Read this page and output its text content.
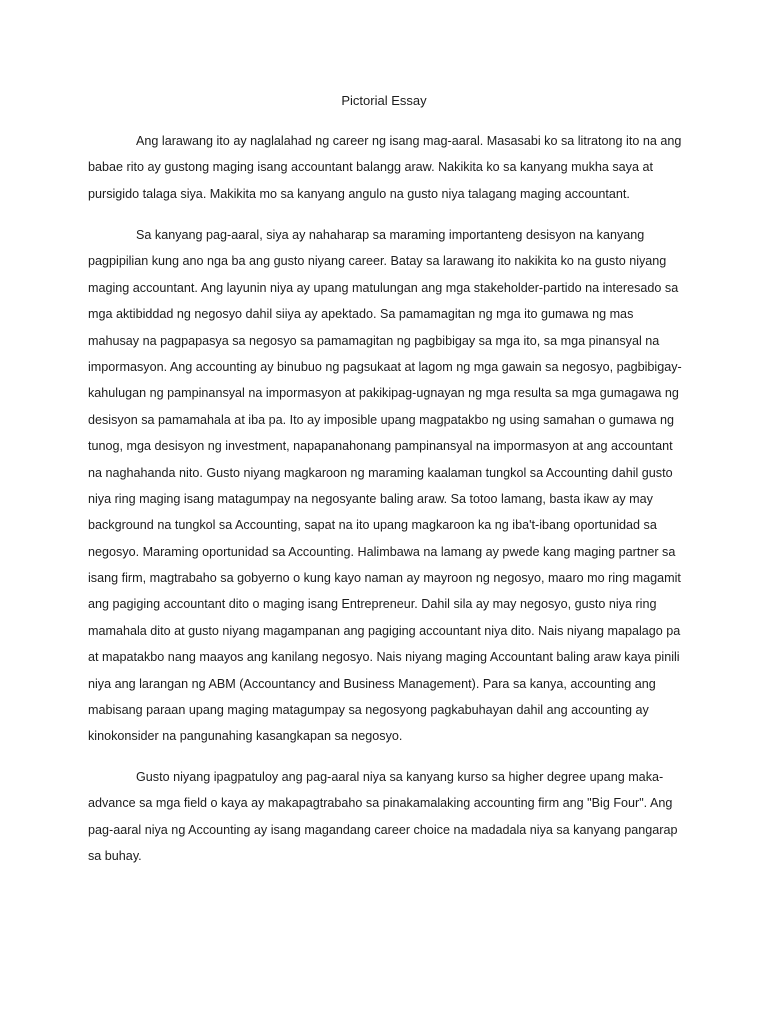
Pictorial Essay
Ang larawang ito ay naglalahad ng career ng isang mag-aaral. Masasabi ko sa litratong ito na ang
babae rito ay gustong maging isang accountant balangg araw. Nakikita ko sa kanyang mukha saya at
pursigido talaga siya. Makikita mo sa kanyang angulo na gusto niya talagang maging accountant.
Sa kanyang pag-aaral, siya ay nahaharap sa maraming importanteng desisyon na kanyang
pagpipilian kung ano nga ba ang gusto niyang career. Batay sa larawang ito nakikita ko na gusto niyang
maging accountant. Ang layunin niya ay upang matulungan ang mga stakeholder-partido na interesado sa
mga aktibiddad ng negosyo dahil siiya ay apektado. Sa pamamagitan ng mga ito gumawa ng mas
mahusay na pagpapasya sa negosyo sa pamamagitan ng pagbibigay sa mga ito, sa mga pinansyal na
impormasyon. Ang accounting ay binubuo ng pagsukaat at lagom ng mga gawain sa negosyo, pagbibigay-
kahulugan ng pampinansyal na impormasyon at pakikipag-ugnayan ng mga resulta sa mga gumagawa ng
desisyon sa pamamahala at iba pa. Ito ay imposible upang magpatakbo ng using samahan o gumawa ng
tunog, mga desisyon ng investment, napapanahonang pampinansyal na impormasyon at ang accountant
na naghahanda nito. Gusto niyang magkaroon ng maraming kaalaman tungkol sa Accounting dahil gusto
niya ring maging isang matagumpay na negosyante baling araw. Sa totoo lamang, basta ikaw ay may
background na tungkol sa Accounting, sapat na ito upang magkaroon ka ng iba't-ibang oportunidad sa
negosyo. Maraming oportunidad sa Accounting. Halimbawa na lamang ay pwede kang maging partner sa
isang firm, magtrabaho sa gobyerno o kung kayo naman ay mayroon ng negosyo, maaro mo ring magamit
ang pagiging accountant dito o maging isang Entrepreneur. Dahil sila ay may negosyo, gusto niya ring
mamahala dito at gusto niyang magampanan ang pagiging accountant niya dito. Nais niyang mapalago pa
at mapatakbo nang maayos ang kanilang negosyo. Nais niyang maging Accountant baling araw kaya pinili
niya ang larangan ng ABM (Accountancy and Business Management). Para sa kanya, accounting ang
mabisang paraan upang maging matagumpay sa negosyong pagkabuhayan dahil ang accounting ay
kinokonsider na pangunahing kasangkapan sa negosyo.
Gusto niyang ipagpatuloy ang pag-aaral niya sa kanyang kurso sa higher degree upang maka-
advance sa mga field o kaya ay makapagtrabaho sa pinakamalaking accounting firm ang "Big Four". Ang
pag-aaral niya ng Accounting ay isang magandang career choice na madadala niya sa kanyang pangarap
sa buhay.
